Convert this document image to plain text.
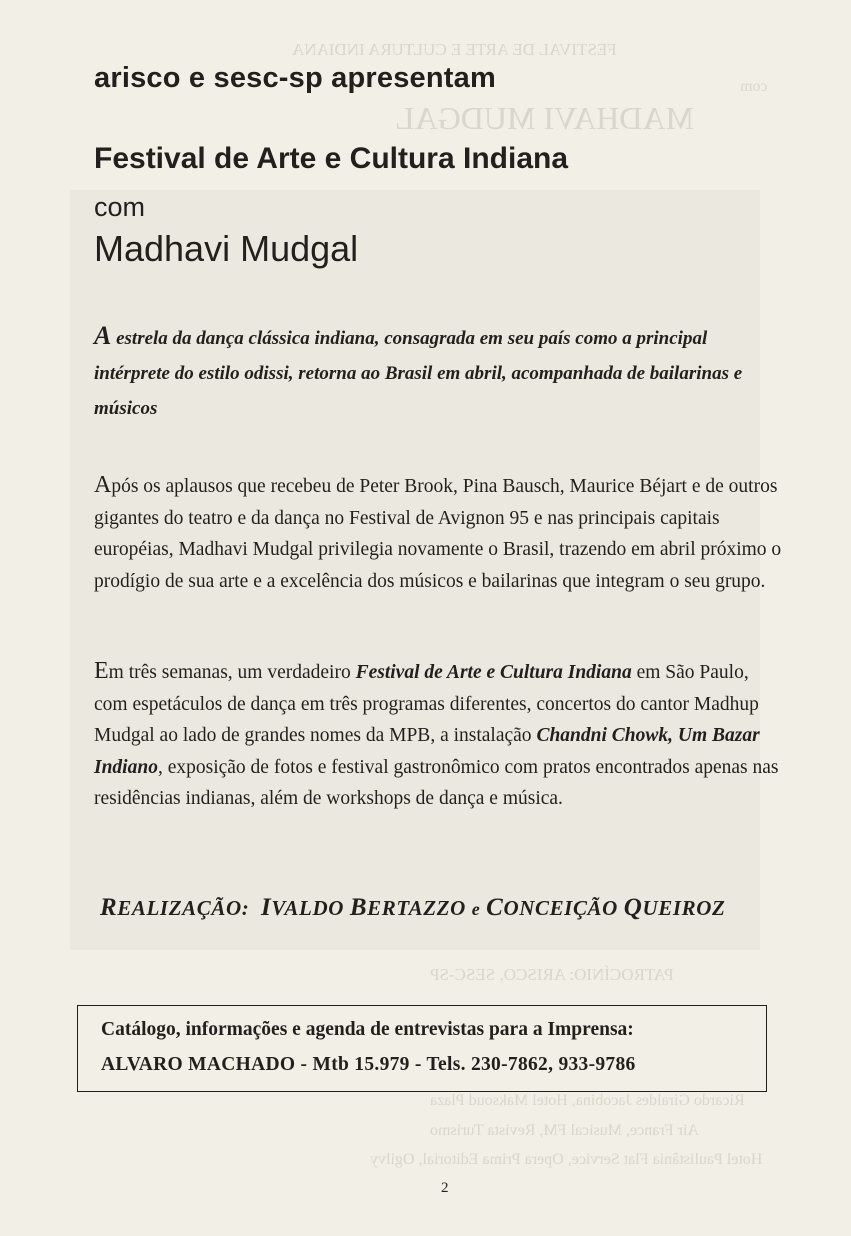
FESTIVAL DE ARTE E CULTURA INDIANA
com
MADHAVI MUDGAL
PATROCÍNIO: ARISCO, SESC-SP
Ricardo Giraldes Jacobina, Hotel Maksoud Plaza
Air France, Musical FM, Revista Turismo
Hotel Paulistânia Flat Service, Opera Prima Editorial, Ogilvy
arisco e sesc-sp apresentam
Festival de Arte e Cultura Indiana
com
Madhavi Mudgal

A estrela da dança clássica indiana, consagrada em seu país como a principal intérprete do estilo odissi, retorna ao Brasil em abril, acompanhada de bailarinas e músicos

Após os aplausos que recebeu de Peter Brook, Pina Bausch, Maurice Béjart e de outros gigantes do teatro e da dança no Festival de Avignon 95 e nas principais capitais européias, Madhavi Mudgal privilegia novamente o Brasil, trazendo em abril próximo o prodígio de sua arte e a excelência dos músicos e bailarinas que integram o seu grupo.

Em três semanas, um verdadeiro Festival de Arte e Cultura Indiana em São Paulo, com espetáculos de dança em três programas diferentes, concertos do cantor Madhup Mudgal ao lado de grandes nomes da MPB, a instalação Chandni Chowk, Um Bazar Indiano, exposição de fotos e festival gastronômico com pratos encontrados apenas nas residências indianas, além de workshops de dança e música.

REALIZAÇÃO: IVALDO BERTAZZO e CONCEIÇÃO QUEIROZ

Catálogo, informações e agenda de entrevistas para a Imprensa:
ALVARO MACHADO - Mtb 15.979 - Tels. 230-7862, 933-9786
2
